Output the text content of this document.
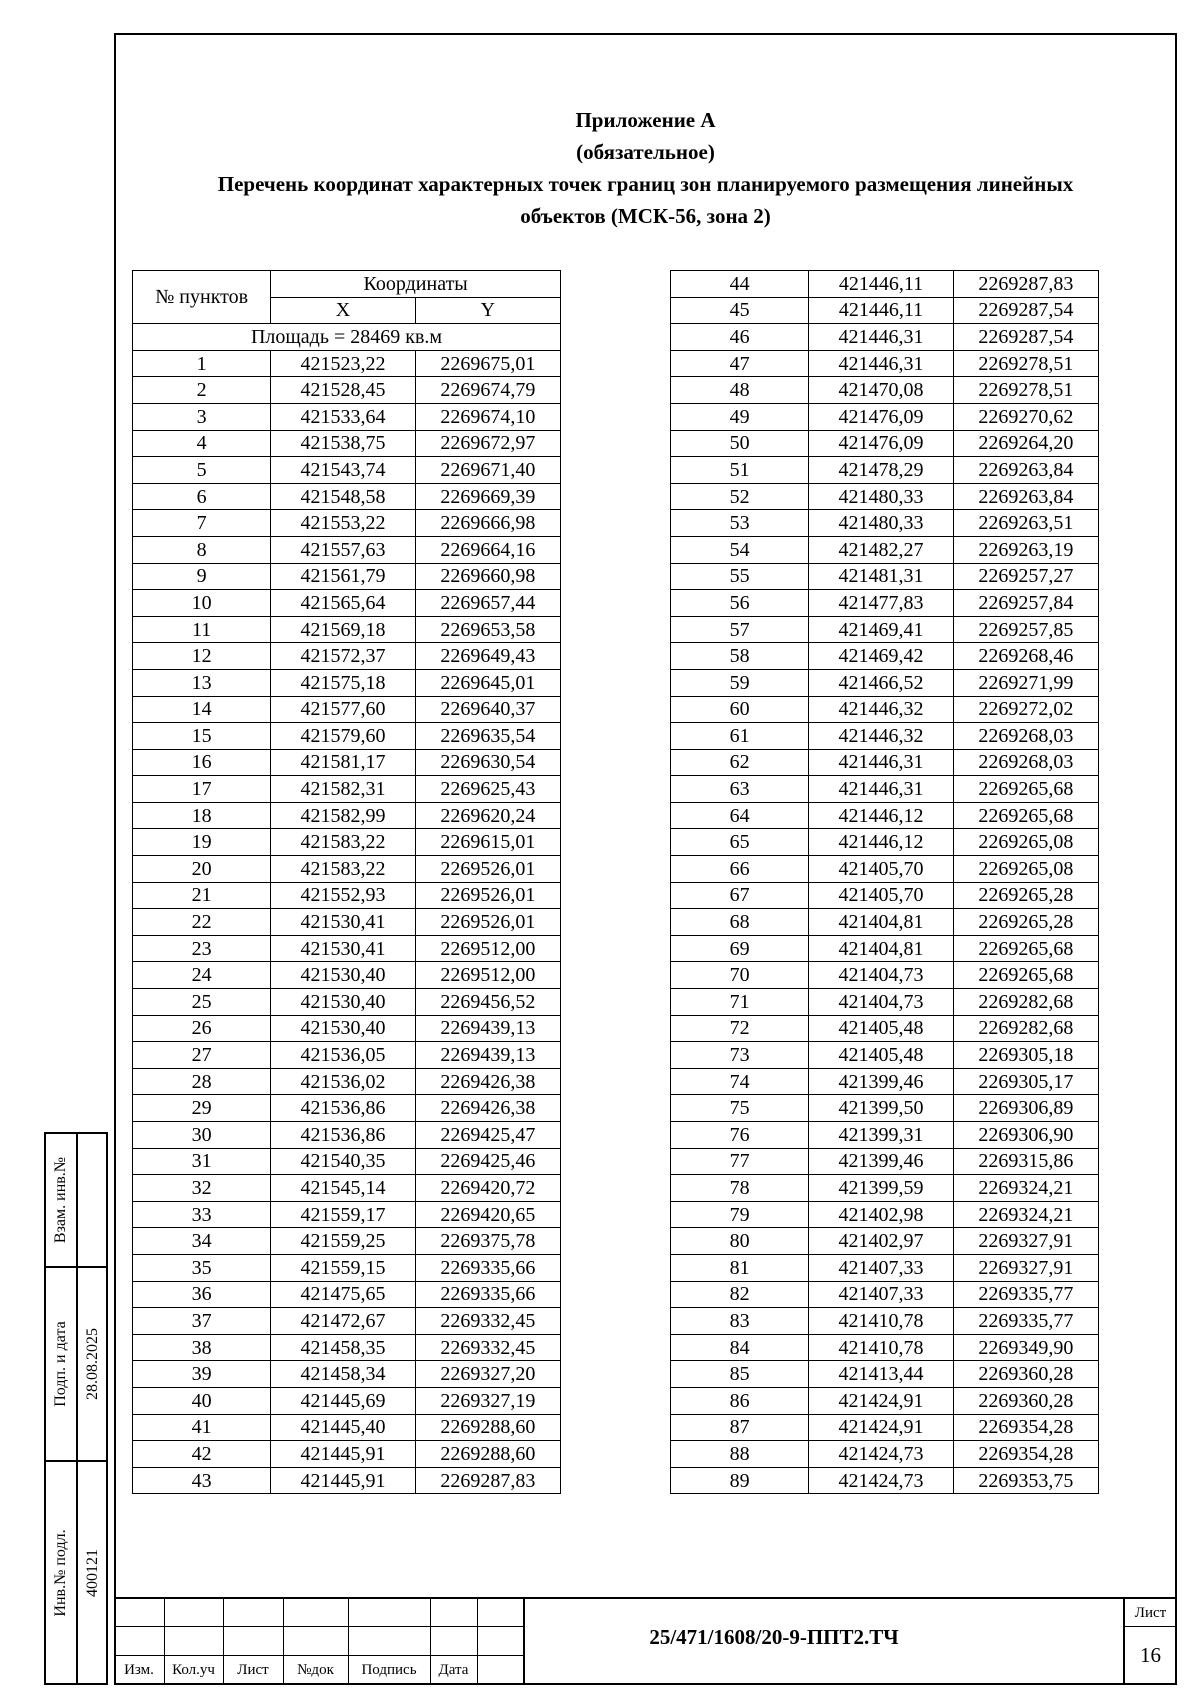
Приложение А
(обязательное)
Перечень координат характерных точек границ зон планируемого размещения линейных
объектов (МСК-56, зона 2)
№ пунктов	Координаты	
	X	Y
Площадь = 28469 кв.м		
1	421523,22	2269675,01
2	421528,45	2269674,79
3	421533,64	2269674,10
4	421538,75	2269672,97
5	421543,74	2269671,40
6	421548,58	2269669,39
7	421553,22	2269666,98
8	421557,63	2269664,16
9	421561,79	2269660,98
10	421565,64	2269657,44
11	421569,18	2269653,58
12	421572,37	2269649,43
13	421575,18	2269645,01
14	421577,60	2269640,37
15	421579,60	2269635,54
16	421581,17	2269630,54
17	421582,31	2269625,43
18	421582,99	2269620,24
19	421583,22	2269615,01
20	421583,22	2269526,01
21	421552,93	2269526,01
22	421530,41	2269526,01
23	421530,41	2269512,00
24	421530,40	2269512,00
25	421530,40	2269456,52
26	421530,40	2269439,13
27	421536,05	2269439,13
28	421536,02	2269426,38
29	421536,86	2269426,38
30	421536,86	2269425,47
31	421540,35	2269425,46
32	421545,14	2269420,72
33	421559,17	2269420,65
34	421559,25	2269375,78
35	421559,15	2269335,66
36	421475,65	2269335,66
37	421472,67	2269332,45
38	421458,35	2269332,45
39	421458,34	2269327,20
40	421445,69	2269327,19
41	421445,40	2269288,60
42	421445,91	2269288,60
43	421445,91	2269287,83
44	421446,11	2269287,83
45	421446,11	2269287,54
46	421446,31	2269287,54
47	421446,31	2269278,51
48	421470,08	2269278,51
49	421476,09	2269270,62
50	421476,09	2269264,20
51	421478,29	2269263,84
52	421480,33	2269263,84
53	421480,33	2269263,51
54	421482,27	2269263,19
55	421481,31	2269257,27
56	421477,83	2269257,84
57	421469,41	2269257,85
58	421469,42	2269268,46
59	421466,52	2269271,99
60	421446,32	2269272,02
61	421446,32	2269268,03
62	421446,31	2269268,03
63	421446,31	2269265,68
64	421446,12	2269265,68
65	421446,12	2269265,08
66	421405,70	2269265,08
67	421405,70	2269265,28
68	421404,81	2269265,28
69	421404,81	2269265,68
70	421404,73	2269265,68
71	421404,73	2269282,68
72	421405,48	2269282,68
73	421405,48	2269305,18
74	421399,46	2269305,17
75	421399,50	2269306,89
76	421399,31	2269306,90
77	421399,46	2269315,86
78	421399,59	2269324,21
79	421402,98	2269324,21
80	421402,97	2269327,91
81	421407,33	2269327,91
82	421407,33	2269335,77
83	421410,78	2269335,77
84	421410,78	2269349,90
85	421413,44	2269360,28
86	421424,91	2269360,28
87	421424,91	2269354,28
88	421424,73	2269354,28
89	421424,73	2269353,75
Взам. инв.№
Подп. и дата 28.08.2025
Инв.№ подл. 400121
Изм.	Кол.уч	Лист	№док	Подпись	Дата
25/471/1608/20-9-ППТ2.ТЧ
Лист
16
